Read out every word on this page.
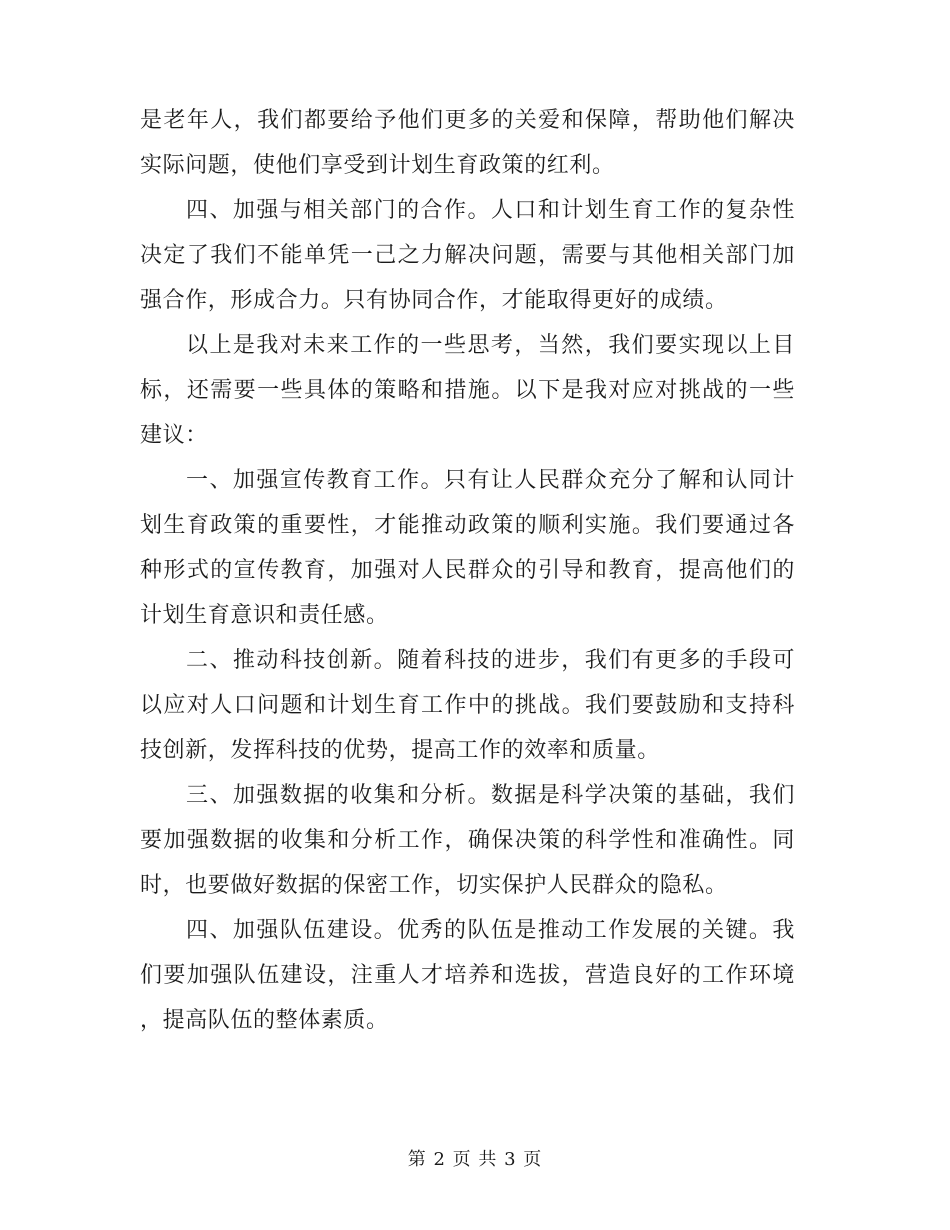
是老年人，我们都要给予他们更多的关爱和保障，帮助他们解决实际问题，使他们享受到计划生育政策的红利。

四、加强与相关部门的合作。人口和计划生育工作的复杂性决定了我们不能单凭一己之力解决问题，需要与其他相关部门加强合作，形成合力。只有协同合作，才能取得更好的成绩。

以上是我对未来工作的一些思考，当然，我们要实现以上目标，还需要一些具体的策略和措施。以下是我对应对挑战的一些建议：

一、加强宣传教育工作。只有让人民群众充分了解和认同计划生育政策的重要性，才能推动政策的顺利实施。我们要通过各种形式的宣传教育，加强对人民群众的引导和教育，提高他们的计划生育意识和责任感。

二、推动科技创新。随着科技的进步，我们有更多的手段可以应对人口问题和计划生育工作中的挑战。我们要鼓励和支持科技创新，发挥科技的优势，提高工作的效率和质量。

三、加强数据的收集和分析。数据是科学决策的基础，我们要加强数据的收集和分析工作，确保决策的科学性和准确性。同时，也要做好数据的保密工作，切实保护人民群众的隐私。

四、加强队伍建设。优秀的队伍是推动工作发展的关键。我们要加强队伍建设，注重人才培养和选拔，营造良好的工作环境，提高队伍的整体素质。

第 2 页 共 3 页
